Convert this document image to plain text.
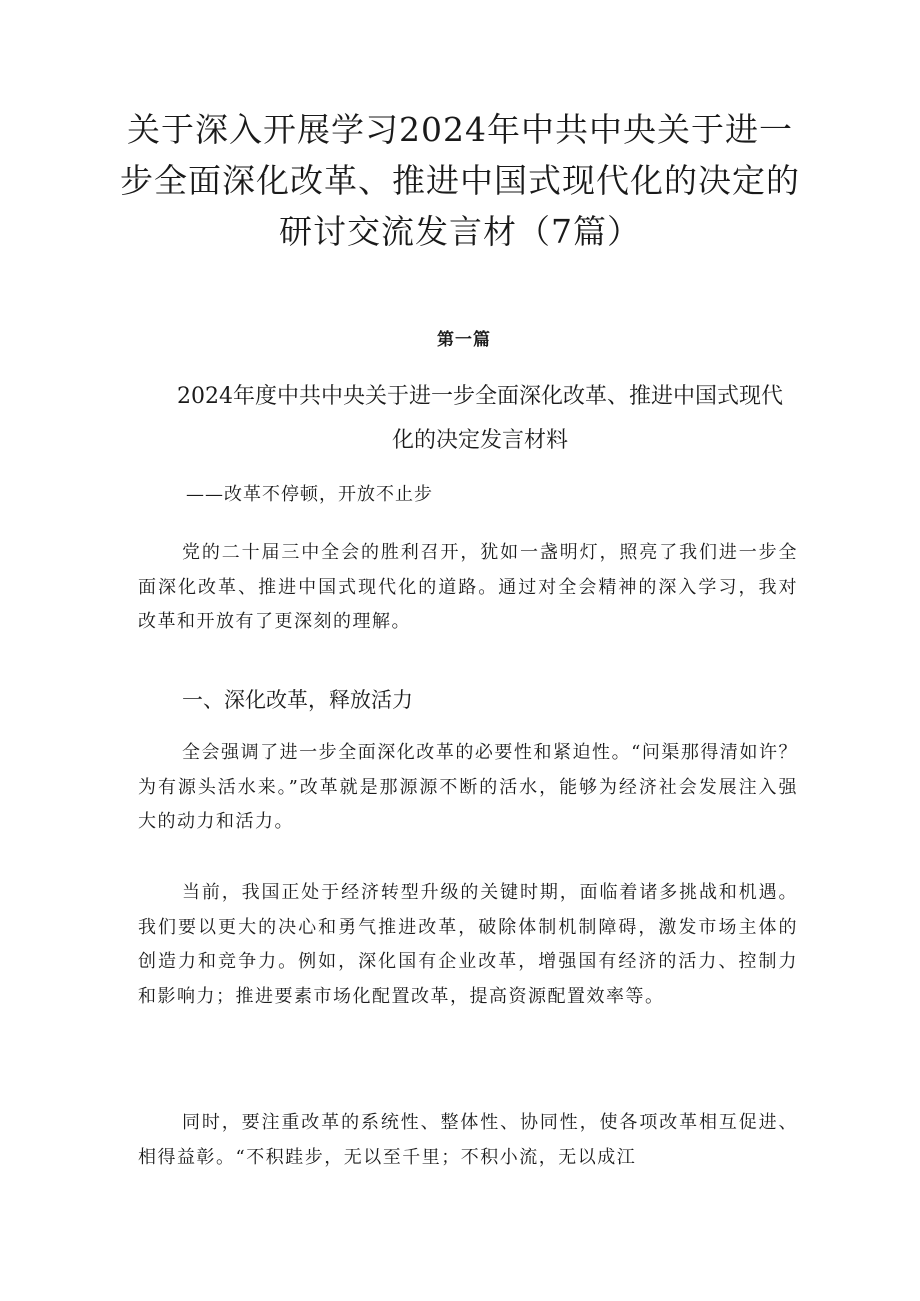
关于深入开展学习2024年中共中央关于进一步全面深化改革、推进中国式现代化的决定的研讨交流发言材（7篇）
第一篇
2024年度中共中央关于进一步全面深化改革、推进中国式现代化的决定发言材料

——改革不停顿，开放不止步

党的二十届三中全会的胜利召开，犹如一盏明灯，照亮了我们进一步全面深化改革、推进中国式现代化的道路。通过对全会精神的深入学习，我对改革和开放有了更深刻的理解。

一、深化改革，释放活力

全会强调了进一步全面深化改革的必要性和紧迫性。“问渠那得清如许？为有源头活水来。”改革就是那源源不断的活水，能够为经济社会发展注入强大的动力和活力。

当前，我国正处于经济转型升级的关键时期，面临着诸多挑战和机遇。我们要以更大的决心和勇气推进改革，破除体制机制障碍，激发市场主体的创造力和竞争力。例如，深化国有企业改革，增强国有经济的活力、控制力和影响力；推进要素市场化配置改革，提高资源配置效率等。

同时，要注重改革的系统性、整体性、协同性，使各项改革相互促进、相得益彰。“不积跬步，无以至千里；不积小流，无以成江
